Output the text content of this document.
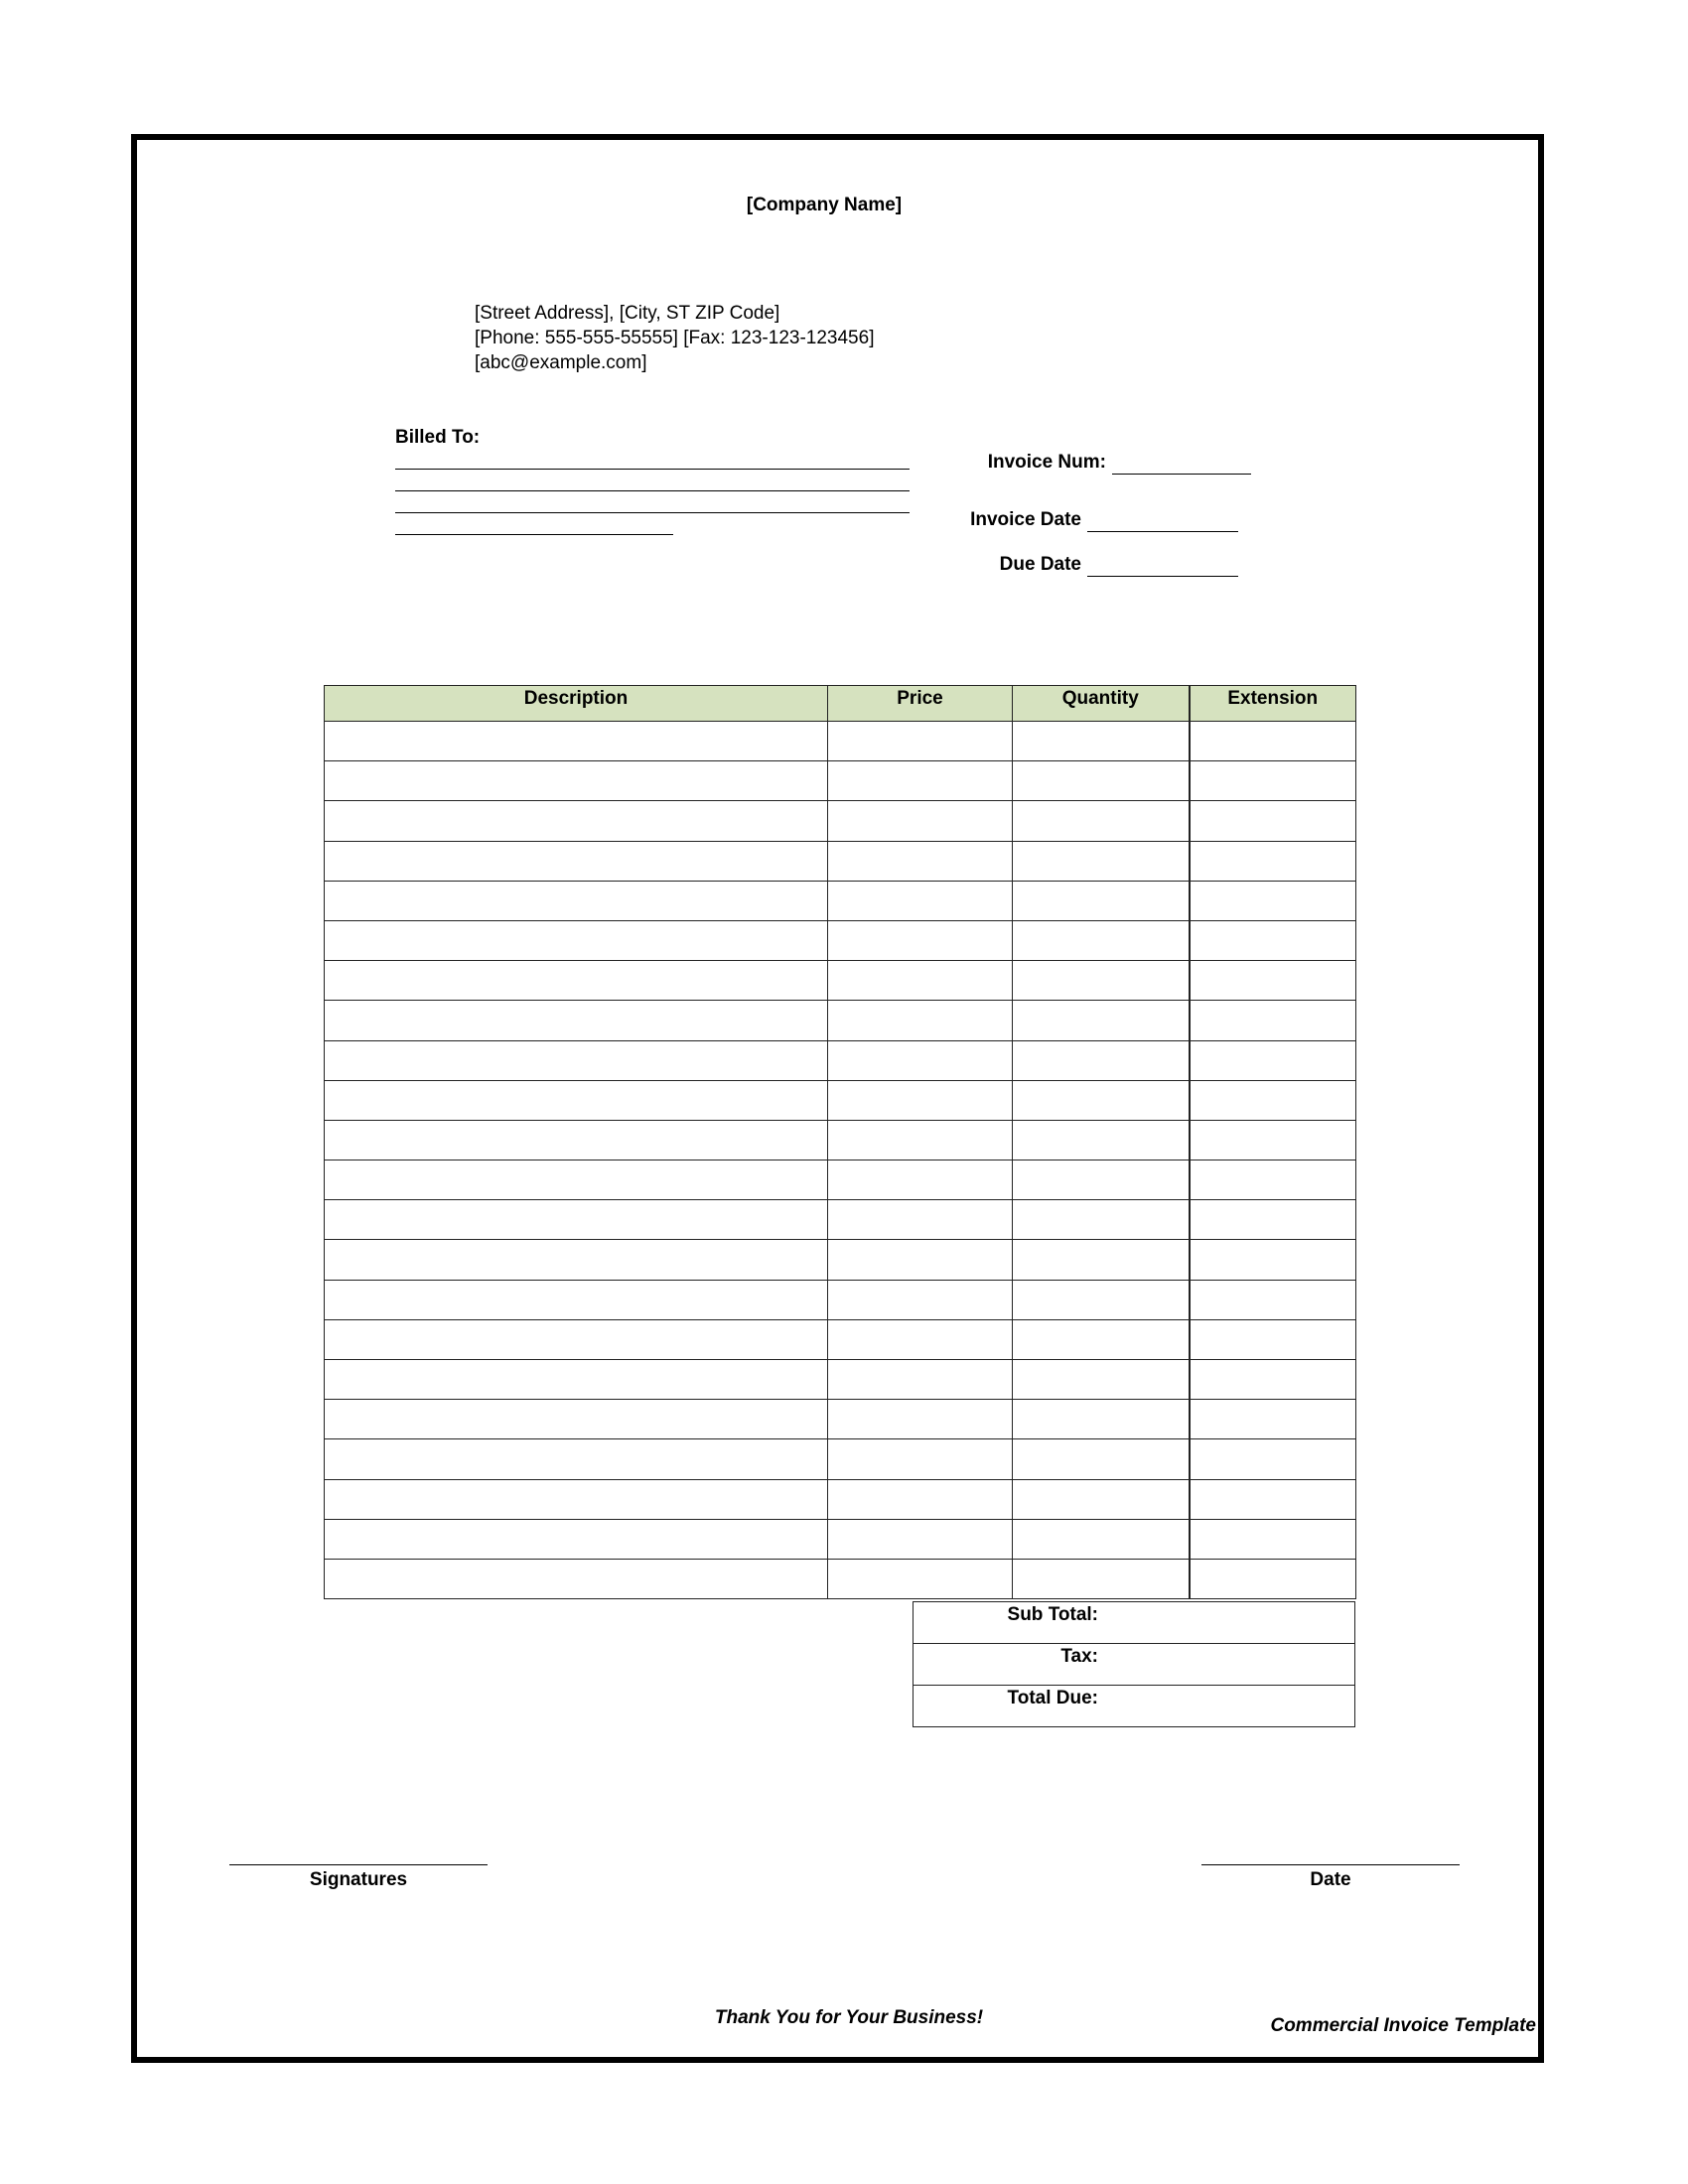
[Company Name]
[Street Address], [City, ST ZIP Code]
[Phone: 555-555-55555] [Fax: 123-123-123456]
[abc@example.com]
Billed To:
Invoice Num:
Invoice Date
Due Date
Description	Price	Quantity	Extension

Sub Total:	
Tax:	
Total Due:	
Signatures	Date
Thank You for Your Business!	Commercial Invoice Template
